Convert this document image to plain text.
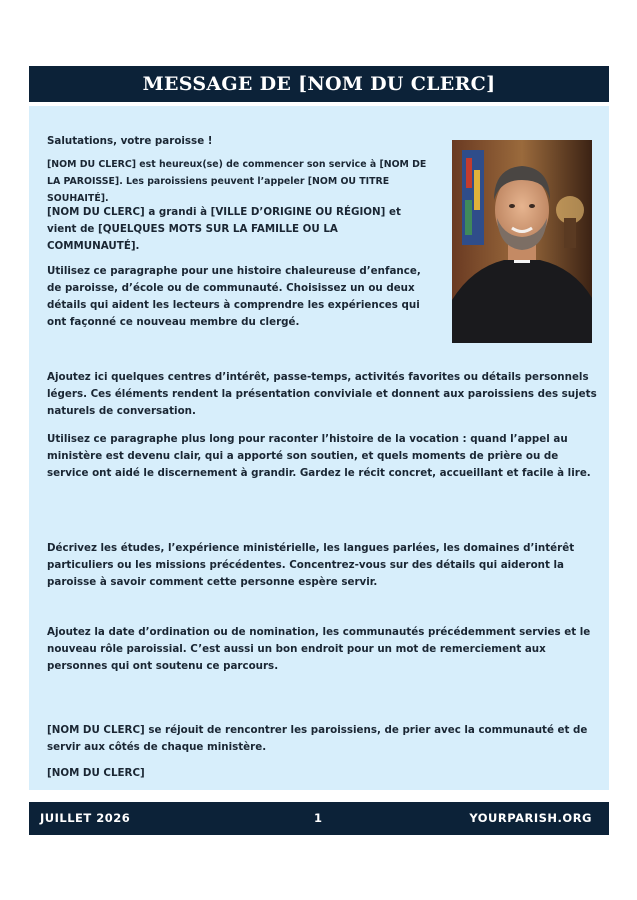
MESSAGE DE [NOM DU CLERC]

Salutations, votre paroisse !

[NOM DU CLERC] est heureux(se) de commencer son service à [NOM DE LA PAROISSE]. Les paroissiens peuvent l’appeler [NOM OU TITRE SOUHAITÉ].

[NOM DU CLERC] a grandi à [VILLE D’ORIGINE OU RÉGION] et vient de [QUELQUES MOTS SUR LA FAMILLE OU LA COMMUNAUTÉ].

Utilisez ce paragraphe pour une histoire chaleureuse d’enfance, de paroisse, d’école ou de communauté. Choisissez un ou deux détails qui aident les lecteurs à comprendre les expériences qui ont façonné ce nouveau membre du clergé.

Ajoutez ici quelques centres d’intérêt, passe-temps, activités favorites ou détails personnels légers. Ces éléments rendent la présentation conviviale et donnent aux paroissiens des sujets naturels de conversation.

Utilisez ce paragraphe plus long pour raconter l’histoire de la vocation : quand l’appel au ministère est devenu clair, qui a apporté son soutien, et quels moments de prière ou de service ont aidé le discernement à grandir. Gardez le récit concret, accueillant et facile à lire.

Décrivez les études, l’expérience ministérielle, les langues parlées, les domaines d’intérêt particuliers ou les missions précédentes. Concentrez-vous sur des détails qui aideront la paroisse à savoir comment cette personne espère servir.

Ajoutez la date d’ordination ou de nomination, les communautés précédemment servies et le nouveau rôle paroissial. C’est aussi un bon endroit pour un mot de remerciement aux personnes qui ont soutenu ce parcours.

[NOM DU CLERC] se réjouit de rencontrer les paroissiens, de prier avec la communauté et de servir aux côtés de chaque ministère.

[NOM DU CLERC]

JUILLET 2026	1	YOURPARISH.ORG
